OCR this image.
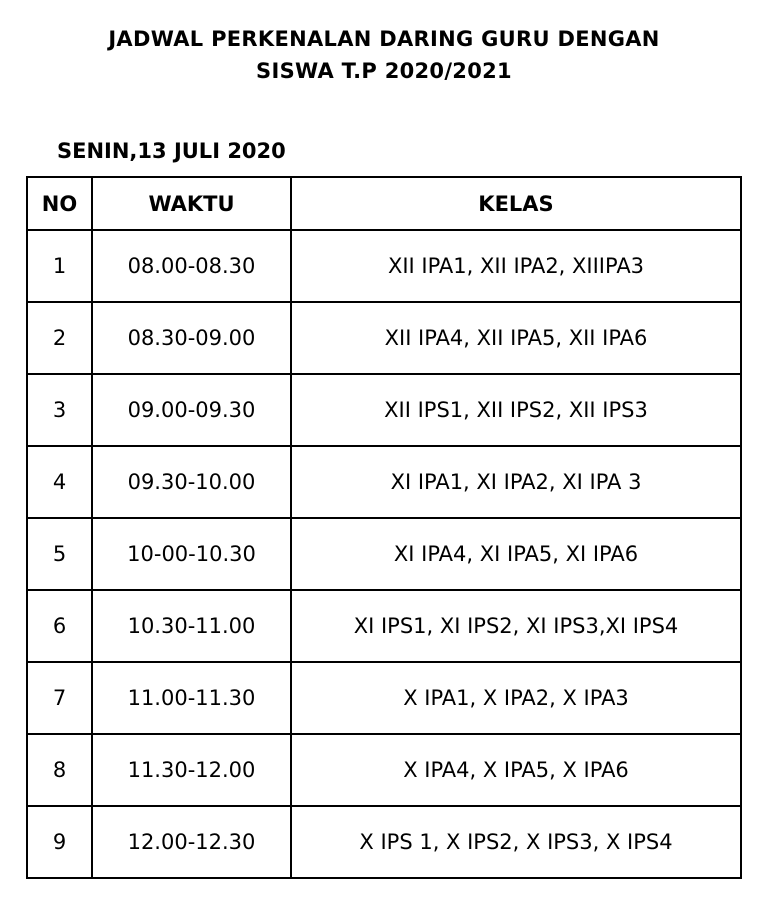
JADWAL PERKENALAN DARING GURU DENGAN
SISWA T.P 2020/2021
SENIN,13 JULI 2020
NO	WAKTU	KELAS
1	08.00-08.30	XII IPA1, XII IPA2, XIIIPA3
2	08.30-09.00	XII IPA4, XII IPA5, XII IPA6
3	09.00-09.30	XII IPS1, XII IPS2, XII IPS3
4	09.30-10.00	XI IPA1, XI IPA2, XI IPA 3
5	10-00-10.30	XI IPA4, XI IPA5, XI IPA6
6	10.30-11.00	XI IPS1, XI IPS2, XI IPS3,XI IPS4
7	11.00-11.30	X IPA1, X IPA2, X IPA3
8	11.30-12.00	X IPA4, X IPA5, X IPA6
9	12.00-12.30	X IPS 1, X IPS2, X IPS3, X IPS4
